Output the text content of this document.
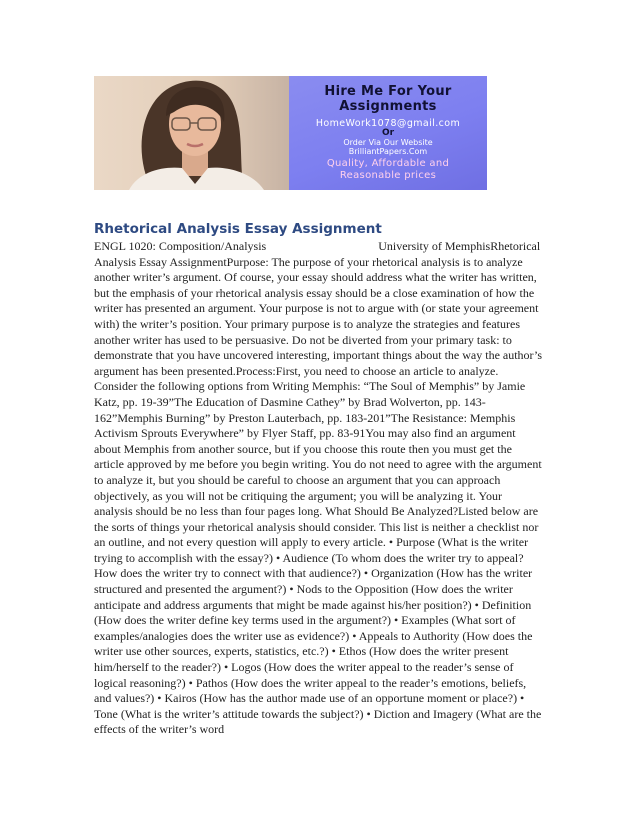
Hire Me For Your
Assignments
HomeWork1078@gmail.com
Or
Order Via Our Website
BrilliantPapers.Com
Quality, Affordable and
Reasonable prices
Rhetorical Analysis Essay Assignment

ENGL 1020: Composition/Analysis	University of MemphisRhetorical Analysis Essay AssignmentPurpose: The purpose of your rhetorical analysis is to analyze another writer’s argument. Of course, your essay should address what the writer has written, but the emphasis of your rhetorical analysis essay should be a close examination of how the writer has presented an argument. Your purpose is not to argue with (or state your agreement with) the writer’s position. Your primary purpose is to analyze the strategies and features another writer has used to be persuasive. Do not be diverted from your primary task: to demonstrate that you have uncovered interesting, important things about the way the author’s argument has been presented.Process:First, you need to choose an article to analyze. Consider the following options from Writing Memphis: “The Soul of Memphis” by Jamie Katz, pp. 19-39”The Education of Dasmine Cathey” by Brad Wolverton, pp. 143-162”Memphis Burning” by Preston Lauterbach, pp. 183-201”The Resistance: Memphis Activism Sprouts Everywhere” by Flyer Staff, pp. 83-91You may also find an argument about Memphis from another source, but if you choose this route then you must get the article approved by me before you begin writing. You do not need to agree with the argument to analyze it, but you should be careful to choose an argument that you can approach objectively, as you will not be critiquing the argument; you will be analyzing it. Your analysis should be no less than four pages long. What Should Be Analyzed?Listed below are the sorts of things your rhetorical analysis should consider. This list is neither a checklist nor an outline, and not every question will apply to every article. • Purpose (What is the writer trying to accomplish with the essay?) • Audience (To whom does the writer try to appeal? How does the writer try to connect with that audience?) • Organization (How has the writer structured and presented the argument?) • Nods to the Opposition (How does the writer anticipate and address arguments that might be made against his/her position?) • Definition (How does the writer define key terms used in the argument?) • Examples (What sort of examples/analogies does the writer use as evidence?) • Appeals to Authority (How does the writer use other sources, experts, statistics, etc.?) • Ethos (How does the writer present him/herself to the reader?) • Logos (How does the writer appeal to the reader’s sense of logical reasoning?) • Pathos (How does the writer appeal to the reader’s emotions, beliefs, and values?) • Kairos (How has the author made use of an opportune moment or place?) • Tone (What is the writer’s attitude towards the subject?) • Diction and Imagery (What are the effects of the writer’s word
